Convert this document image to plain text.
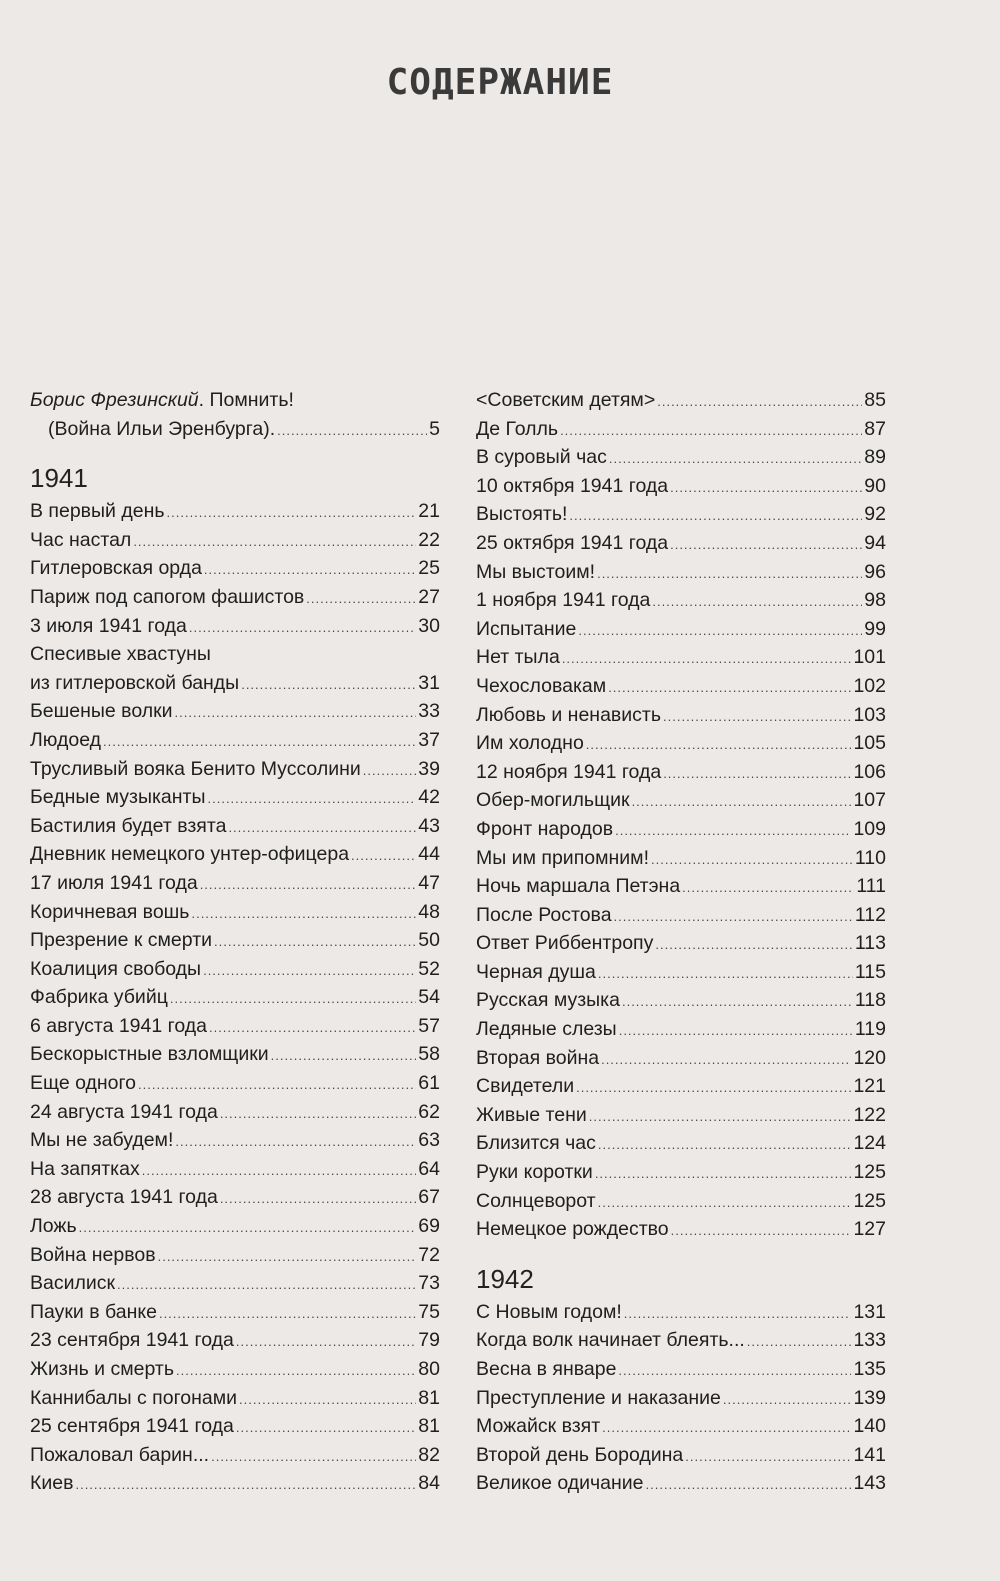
СОДЕРЖАНИЕ
Борис Фрезинский. Помнить!
(Война Ильи Эренбурга). .....	5
1941
В первый день .....	21
Час настал .....	22
Гитлеровская орда .....	25
Париж под сапогом фашистов .....	27
3 июля 1941 года .....	30
Спесивые хвастуны
из гитлеровской банды .....	31
Бешеные волки .....	33
Людоед .....	37
Трусливый вояка Бенито Муссолини .....	39
Бедные музыканты .....	42
Бастилия будет взята .....	43
Дневник немецкого унтер-офицера .....	44
17 июля 1941 года .....	47
Коричневая вошь .....	48
Презрение к смерти .....	50
Коалиция свободы .....	52
Фабрика убийц .....	54
6 августа 1941 года .....	57
Бескорыстные взломщики .....	58
Еще одного .....	61
24 августа 1941 года .....	62
Мы не забудем! .....	63
На запятках .....	64
28 августа 1941 года .....	67
Ложь .....	69
Война нервов .....	72
Василиск .....	73
Пауки в банке .....	75
23 сентября 1941 года .....	79
Жизнь и смерть .....	80
Каннибалы с погонами .....	81
25 сентября 1941 года .....	81
Пожаловал барин... .....	82
Киев .....	84
<Советским детям> .....	85
Де Голль .....	87
В суровый час .....	89
10 октября 1941 года .....	90
Выстоять! .....	92
25 октября 1941 года .....	94
Мы выстоим! .....	96
1 ноября 1941 года .....	98
Испытание .....	99
Нет тыла .....	101
Чехословакам .....	102
Любовь и ненависть .....	103
Им холодно .....	105
12 ноября 1941 года .....	106
Обер-могильщик .....	107
Фронт народов .....	109
Мы им припомним! .....	110
Ночь маршала Петэна .....	111
После Ростова .....	112
Ответ Риббентропу .....	113
Черная душа .....	115
Русская музыка .....	118
Ледяные слезы .....	119
Вторая война .....	120
Свидетели .....	121
Живые тени .....	122
Близится час .....	124
Руки коротки .....	125
Солнцеворот .....	125
Немецкое рождество .....	127
1942
С Новым годом! .....	131
Когда волк начинает блеять... .....	133
Весна в январе .....	135
Преступление и наказание .....	139
Можайск взят .....	140
Второй день Бородина .....	141
Великое одичание .....	143
